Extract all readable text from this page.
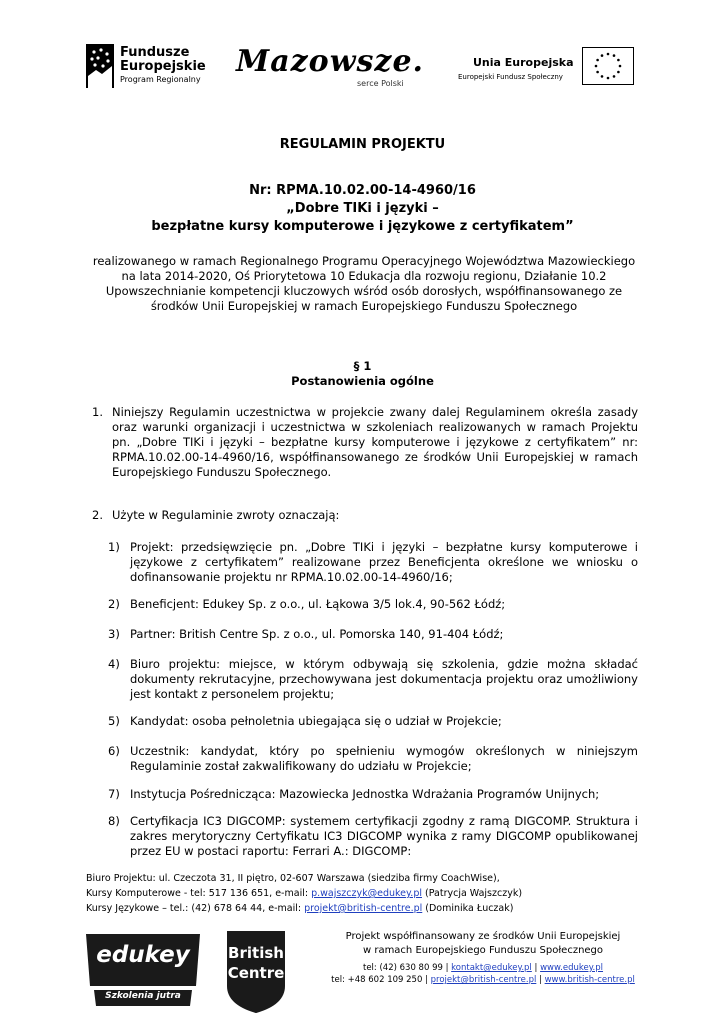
Fundusze
Europejskie
Program Regionalny
Mazowsze.
serce Polski
Unia Europejska
Europejski Fundusz Społeczny
REGULAMIN PROJEKTU
Nr: RPMA.10.02.00-14-4960/16
„Dobre TIKi i języki –
bezpłatne kursy komputerowe i językowe z certyfikatem”
realizowanego w ramach Regionalnego Programu Operacyjnego Województwa Mazowieckiego na lata 2014-2020, Oś Priorytetowa 10 Edukacja dla rozwoju regionu, Działanie 10.2 Upowszechnianie kompetencji kluczowych wśród osób dorosłych, współfinansowanego ze środków Unii Europejskiej w ramach Europejskiego Funduszu Społecznego
§ 1
Postanowienia ogólne
1. Niniejszy Regulamin uczestnictwa w projekcie zwany dalej Regulaminem określa zasady oraz warunki organizacji i uczestnictwa w szkoleniach realizowanych w ramach Projektu pn. „Dobre TIKi i języki – bezpłatne kursy komputerowe i językowe z certyfikatem” nr: RPMA.10.02.00-14-4960/16, współfinansowanego ze środków Unii Europejskiej w ramach Europejskiego Funduszu Społecznego.
2. Użyte w Regulaminie zwroty oznaczają:
1) Projekt: przedsięwzięcie pn. „Dobre TIKi i języki – bezpłatne kursy komputerowe i językowe z certyfikatem” realizowane przez Beneficjenta określone we wniosku o dofinansowanie projektu nr RPMA.10.02.00-14-4960/16;
2) Beneficjent: Edukey Sp. z o.o., ul. Łąkowa 3/5 lok.4, 90-562 Łódź;
3) Partner: British Centre Sp. z o.o., ul. Pomorska 140, 91-404 Łódź;
4) Biuro projektu: miejsce, w którym odbywają się szkolenia, gdzie można składać dokumenty rekrutacyjne, przechowywana jest dokumentacja projektu oraz umożliwiony jest kontakt z personelem projektu;
5) Kandydat: osoba pełnoletnia ubiegająca się o udział w Projekcie;
6) Uczestnik: kandydat, który po spełnieniu wymogów określonych w niniejszym Regulaminie został zakwalifikowany do udziału w Projekcie;
7) Instytucja Pośrednicząca: Mazowiecka Jednostka Wdrażania Programów Unijnych;
8) Certyfikacja IC3 DIGCOMP: systemem certyfikacji zgodny z ramą DIGCOMP. Struktura i zakres merytoryczny Certyfikatu IC3 DIGCOMP wynika z ramy DIGCOMP opublikowanej przez EU w postaci raportu: Ferrari A.: DIGCOMP:
Biuro Projektu: ul. Czeczota 31, II piętro, 02-607 Warszawa (siedziba firmy CoachWise),
Kursy Komputerowe - tel: 517 136 651, e-mail: p.wajszczyk@edukey.pl (Patrycja Wajszczyk)
Kursy Językowe – tel.: (42) 678 64 44, e-mail: projekt@british-centre.pl (Dominika Łuczak)
edukey
Szkolenia jutra
British
Centre
Projekt współfinansowany ze środków Unii Europejskiej
w ramach Europejskiego Funduszu Społecznego
tel: (42) 630 80 99 | kontakt@edukey.pl | www.edukey.pl
tel: +48 602 109 250 | projekt@british-centre.pl | www.british-centre.pl
